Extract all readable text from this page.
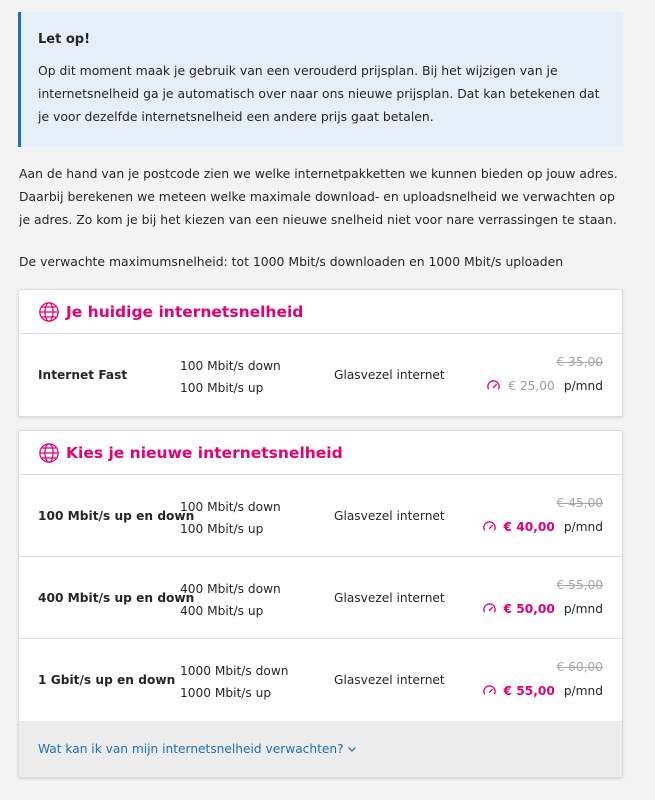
Let op!
Op dit moment maak je gebruik van een verouderd prijsplan. Bij het wijzigen van je internetsnelheid ga je automatisch over naar ons nieuwe prijsplan. Dat kan betekenen dat je voor dezelfde internetsnelheid een andere prijs gaat betalen.
Aan de hand van je postcode zien we welke internetpakketten we kunnen bieden op jouw adres. Daarbij berekenen we meteen welke maximale download- en uploadsnelheid we verwachten op je adres. Zo kom je bij het kiezen van een nieuwe snelheid niet voor nare verrassingen te staan.
De verwachte maximumsnelheid: tot 1000 Mbit/s downloaden en 1000 Mbit/s uploaden
Je huidige internetsnelheid
Internet Fast
100 Mbit/s down
100 Mbit/s up
Glasvezel internet
€ 35,00
€ 25,00 p/mnd
Kies je nieuwe internetsnelheid
100 Mbit/s up en down
100 Mbit/s down
100 Mbit/s up
Glasvezel internet
€ 45,00
€ 40,00 p/mnd
400 Mbit/s up en down
400 Mbit/s down
400 Mbit/s up
Glasvezel internet
€ 55,00
€ 50,00 p/mnd
1 Gbit/s up en down
1000 Mbit/s down
1000 Mbit/s up
Glasvezel internet
€ 60,00
€ 55,00 p/mnd
Wat kan ik van mijn internetsnelheid verwachten?
